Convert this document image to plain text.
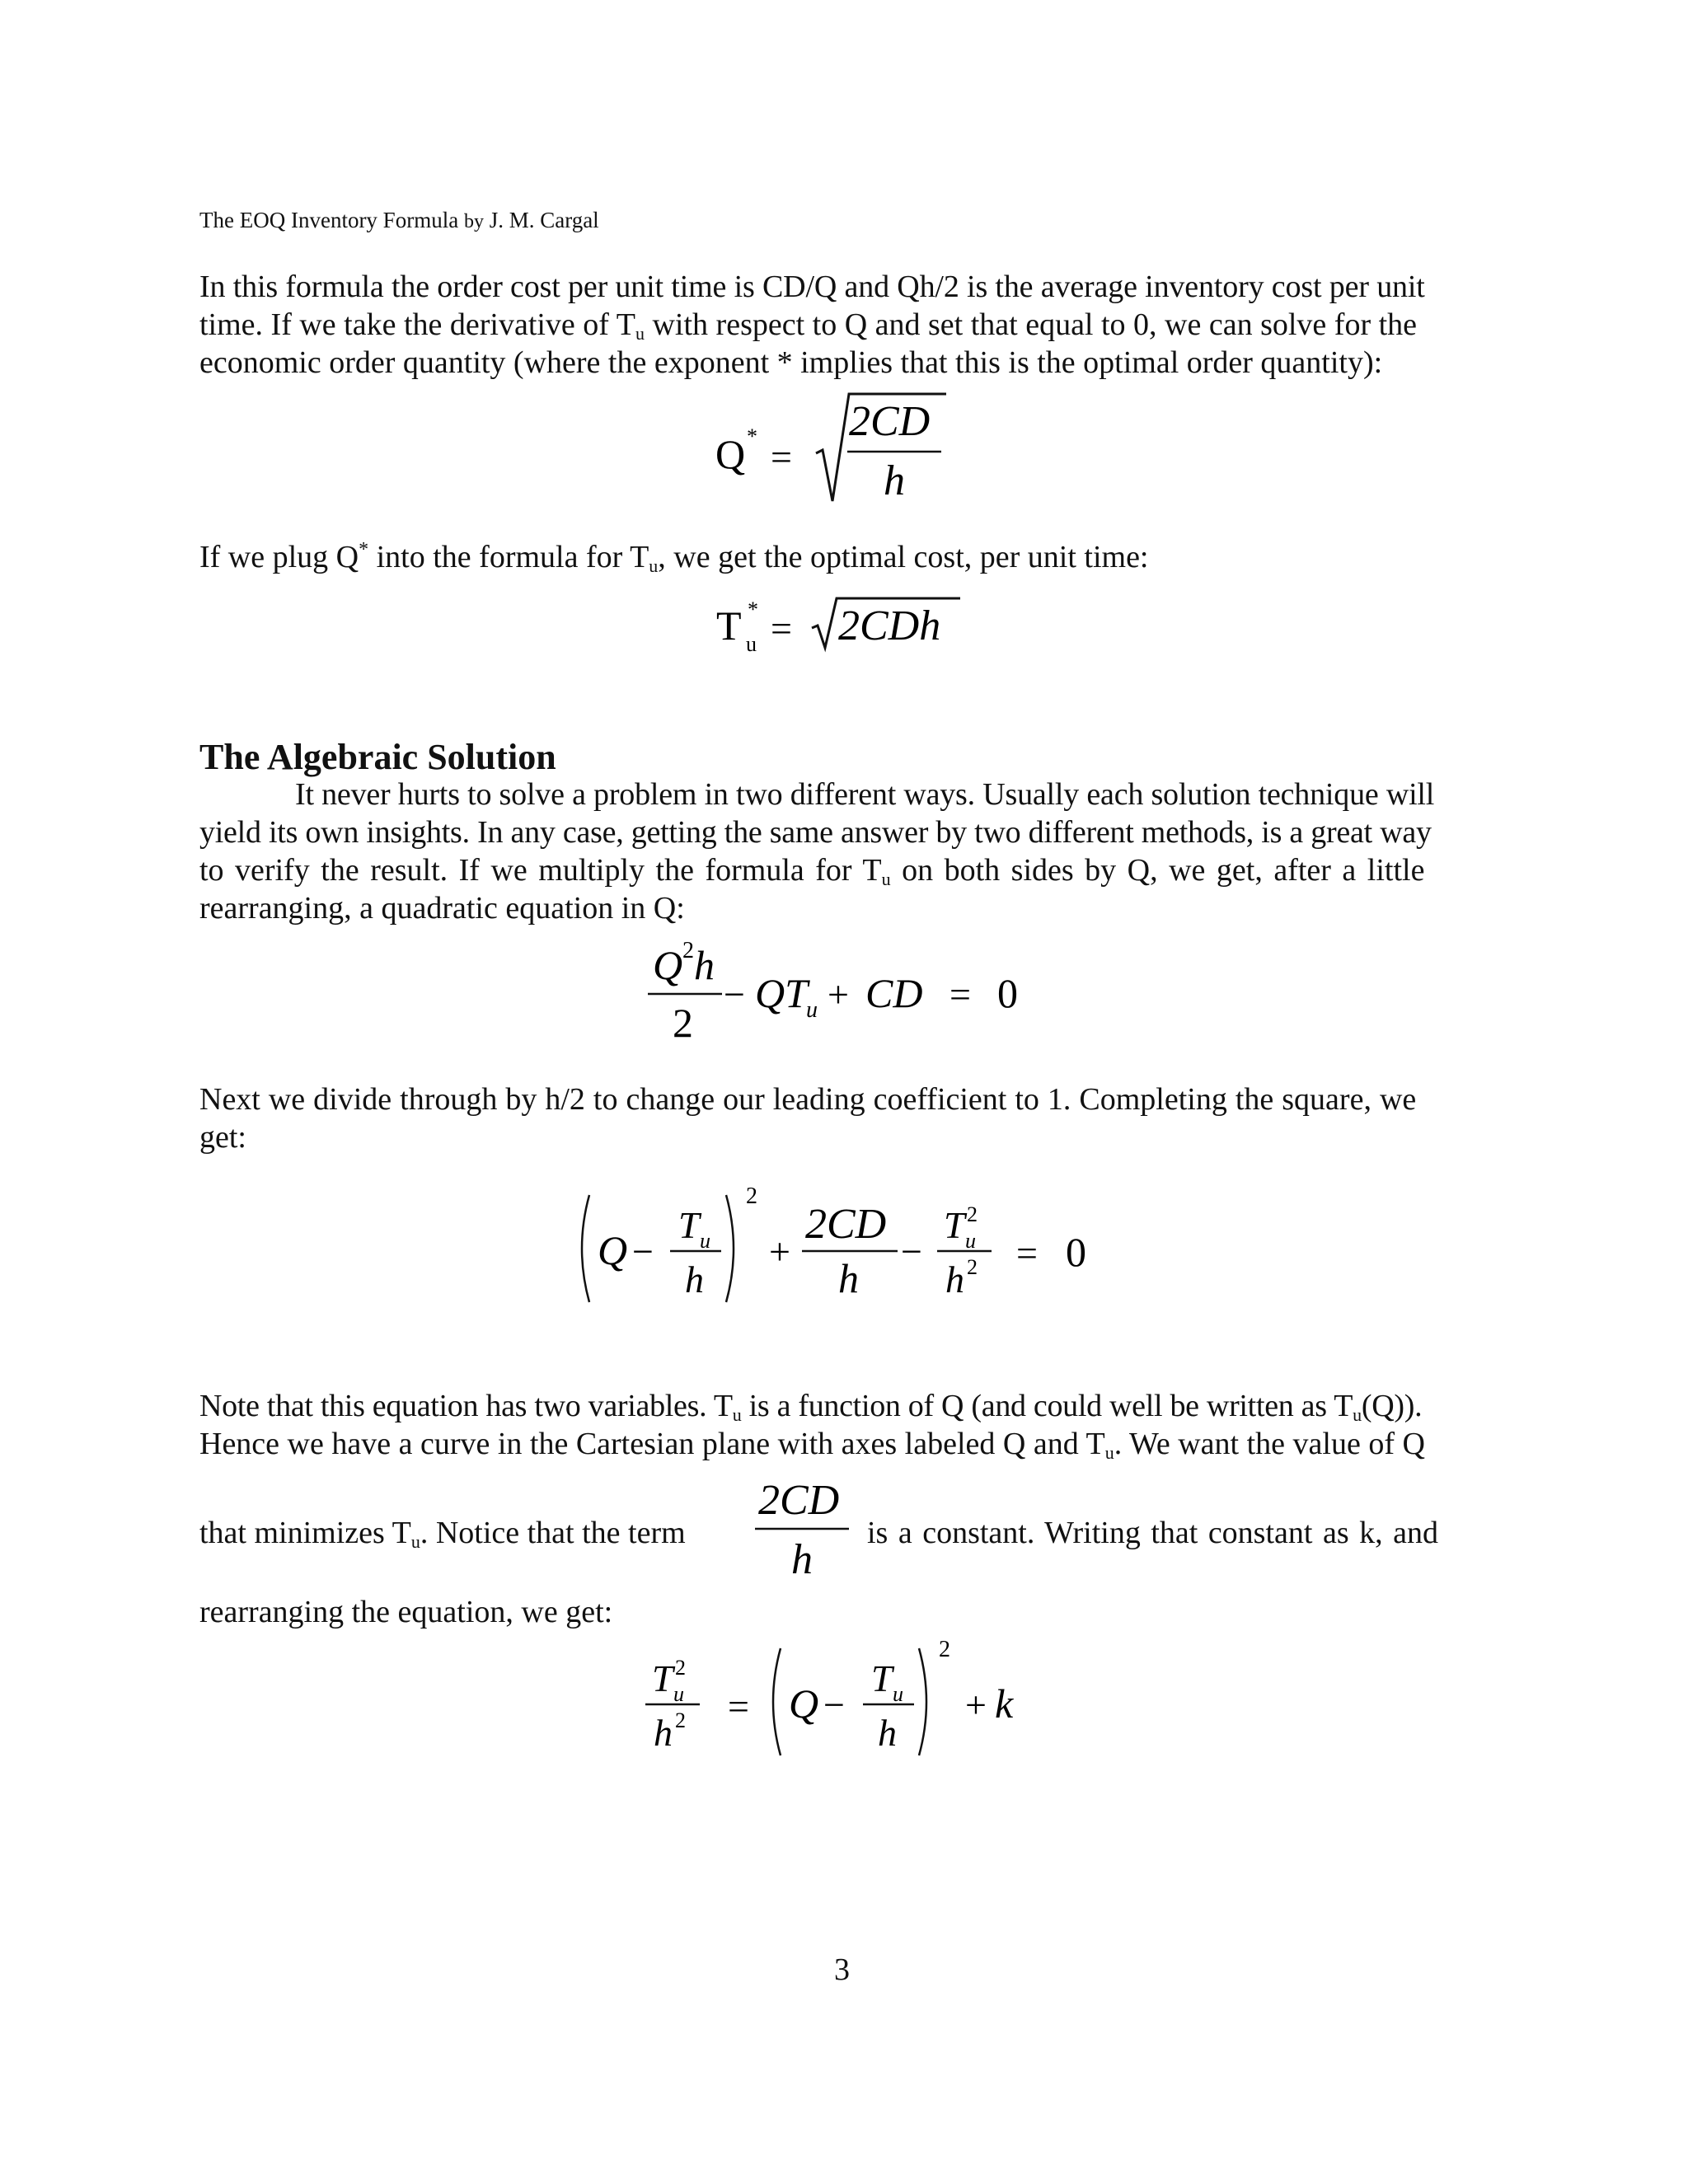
The EOQ Inventory Formula by J. M. Cargal
In this formula the order cost per unit time is CD/Q and Qh/2 is the average inventory cost per unit
time. If we take the derivative of $T_u$ with respect to Q and set that equal to 0, we can solve for the
economic order quantity (where the exponent * implies that this is the optimal order quantity):
Q * =
2CD
h
If we plug Q* into the formula for $T_u$, we get the optimal cost, per unit time:
T *
u = 2CDh
The Algebraic Solution
It never hurts to solve a problem in two different ways. Usually each solution technique will
yield its own insights. In any case, getting the same answer by two different methods, is a great way
to verify the result. If we multiply the formula for $T_u$ on both sides by Q, we get, after a little
rearranging, a quadratic equation in Q:
Q 2 h
2
− QT
u + CD = 0
Next we divide through by h/2 to change our leading coefficient to 1. Completing the square, we
get:
Q −
T u
h
2
+
2CD
h
−
T 2
u
h 2 = 0
Note that this equation has two variables. $T_u$ is a function of Q (and could well be written as $T_u(Q)$).
Hence we have a curve in the Cartesian plane with axes labeled Q and $T_u$. We want the value of Q
that minimizes $T_u$. Notice that the term
2CD
h
is a constant. Writing that constant as k, and
rearranging the equation, we get:
T 2
u
h 2 = Q −
T u
h
2
+ k
3
